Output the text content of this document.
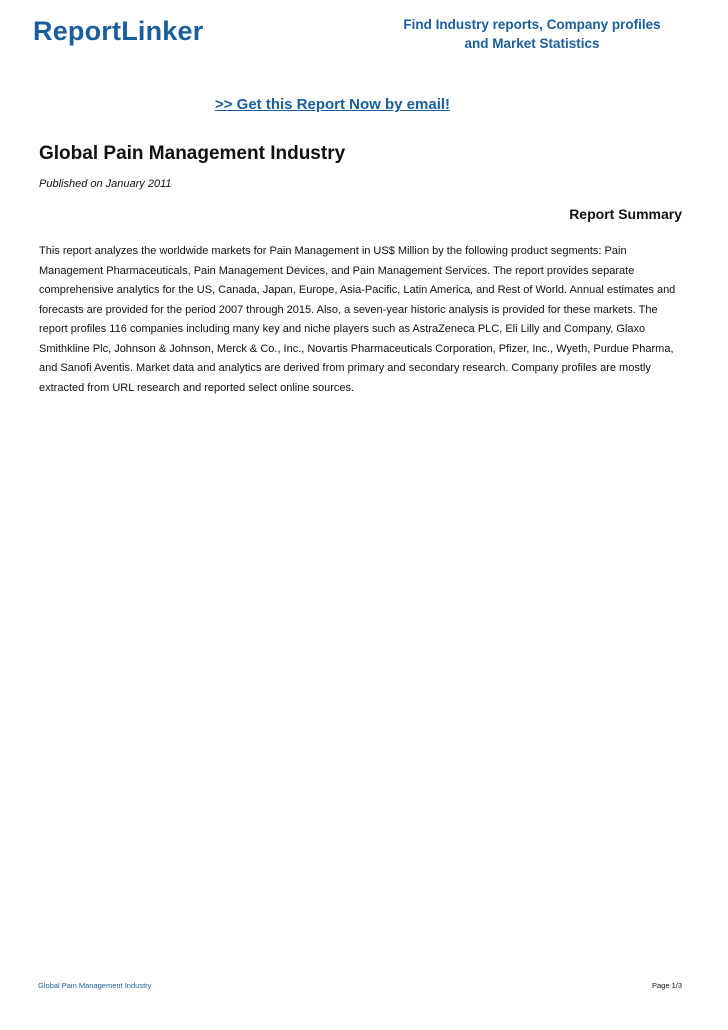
ReportLinker	Find Industry reports, Company profiles
and Market Statistics
>> Get this Report Now by email!
Global Pain Management Industry
Published on January 2011
Report Summary

This report analyzes the worldwide markets for Pain Management in US$ Million by the following product segments: Pain Management Pharmaceuticals, Pain Management Devices, and Pain Management Services. The report provides separate comprehensive analytics for the US, Canada, Japan, Europe, Asia-Pacific, Latin America, and Rest of World. Annual estimates and forecasts are provided for the period 2007 through 2015. Also, a seven-year historic analysis is provided for these markets. The report profiles 116 companies including many key and niche players such as AstraZeneca PLC, Eli Lilly and Company, Glaxo Smithkline Plc, Johnson & Johnson, Merck & Co., Inc., Novartis Pharmaceuticals Corporation, Pfizer, Inc., Wyeth, Purdue Pharma, and Sanofi Aventis. Market data and analytics are derived from primary and secondary research. Company profiles are mostly extracted from URL research and reported select online sources.

Global Pain Management Industry	Page 1/3
